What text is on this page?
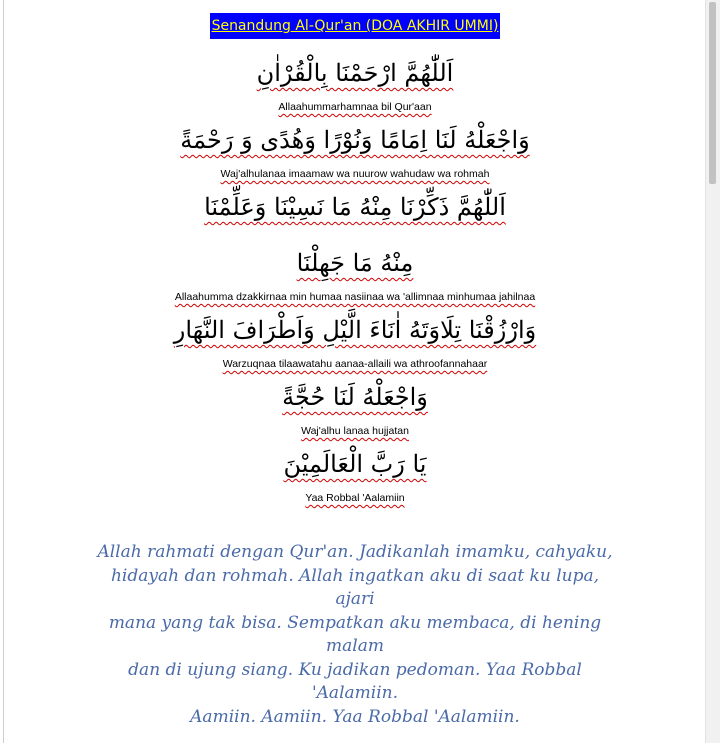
Senandung Al-Qur'an (DOA AKHIR UMMI)
اَللّٰهُمَّ ارْحَمْنَا بِالْقُرْاٰنِ
Allaahummarhamnaa bil Qur'aan
وَاجْعَلْهُ لَنَا اِمَامًا وَنُوْرًا وَهُدًى وَ رَحْمَةً
Waj'alhulanaa imaamaw wa nuurow wahudaw wa rohmah
اَللّٰهُمَّ ذَكِّرْنَا مِنْهُ مَا نَسِيْنَا وَعَلِّمْنَا
مِنْهُ مَا جَهِلْنَا
Allaahumma dzakkirnaa min humaa nasiinaa wa 'allimnaa minhumaa jahilnaa
وَارْزُقْنَا تِلَاوَتَهُ اٰنَاءَ الَّيْلِ وَاَطْرَافَ النَّهَارِ
Warzuqnaa tilaawatahu aanaa-allaili wa athroofannahaar
وَاجْعَلْهُ لَنَا حُجَّةً
Waj'alhu lanaa hujjatan
يَا رَبَّ الْعَالَمِيْنَ
Yaa Robbal 'Aalamiin
Allah rahmati dengan Qur'an. Jadikanlah imamku, cahyaku,
hidayah dan rohmah. Allah ingatkan aku di saat ku lupa, ajari
mana yang tak bisa. Sempatkan aku membaca, di hening malam
dan di ujung siang. Ku jadikan pedoman. Yaa Robbal 'Aalamiin.
Aamiin. Aamiin. Yaa Robbal 'Aalamiin.
